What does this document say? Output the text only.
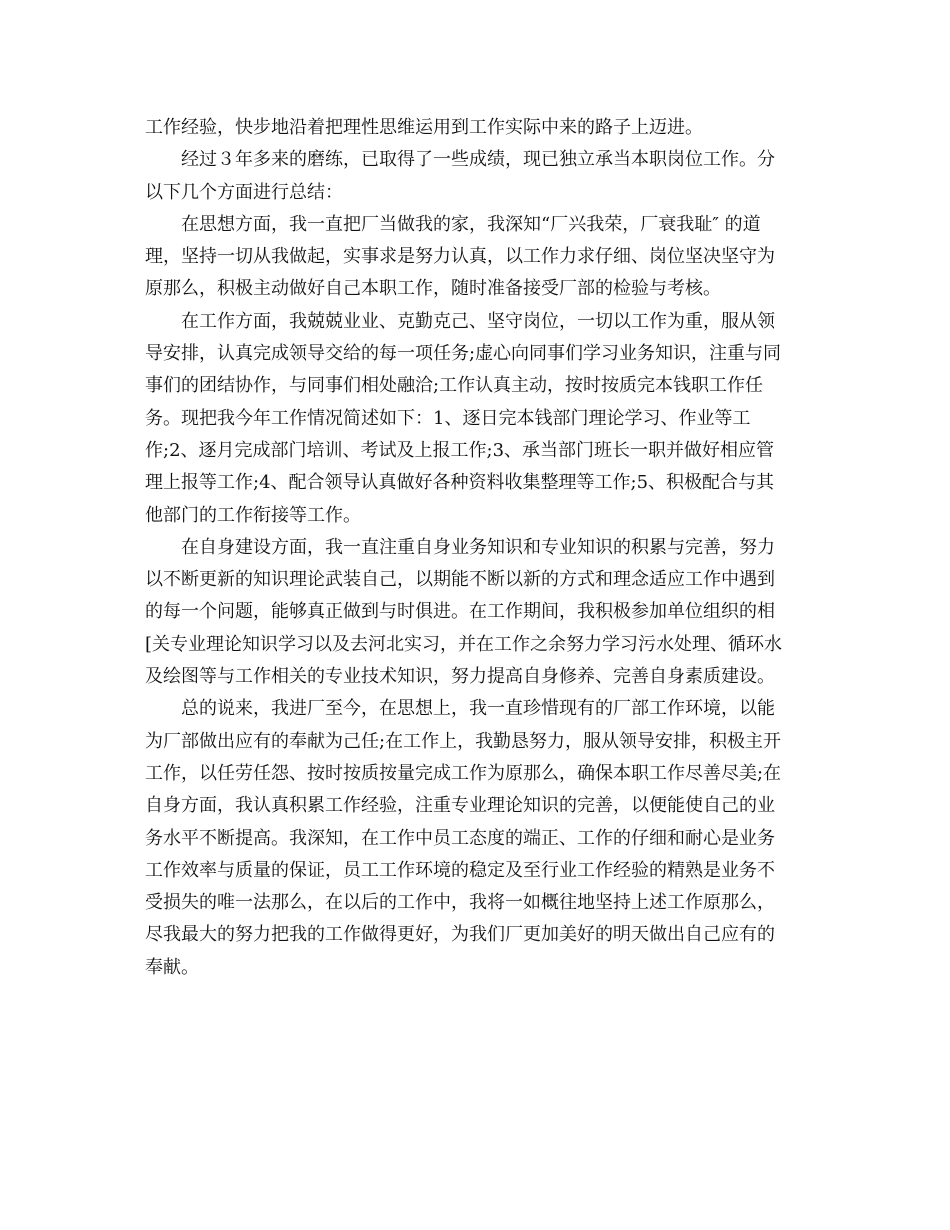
工作经验，快步地沿着把理性思维运用到工作实际中来的路子上迈进。
经过３年多来的磨练，已取得了一些成绩，现已独立承当本职岗位工作。分
以下几个方面进行总结：
在思想方面，我一直把厂当做我的家，我深知“厂兴我荣，厂衰我耻″ 的道
理，坚持一切从我做起，实事求是努力认真，以工作力求仔细、岗位坚决坚守为
原那么，积极主动做好自己本职工作，随时准备接受厂部的检验与考核。
在工作方面，我兢兢业业、克勤克己、坚守岗位，一切以工作为重，服从领
导安排，认真完成领导交给的每一项任务;虚心向同事们学习业务知识，注重与同
事们的团结协作，与同事们相处融洽;工作认真主动，按时按质完本钱职工作任
务。现把我今年工作情况简述如下：1、逐日完本钱部门理论学习、作业等工
作;2、逐月完成部门培训、考试及上报工作;3、承当部门班长一职并做好相应管
理上报等工作;4、配合领导认真做好各种资料收集整理等工作;5、积极配合与其
他部门的工作衔接等工作。
在自身建设方面，我一直注重自身业务知识和专业知识的积累与完善，努力
以不断更新的知识理论武装自己，以期能不断以新的方式和理念适应工作中遇到
的每一个问题，能够真正做到与时俱进。在工作期间，我积极参加单位组织的相
[关专业理论知识学习以及去河北实习，并在工作之余努力学习污水处理、循环水
及绘图等与工作相关的专业技术知识，努力提高自身修养、完善自身素质建设。
总的说来，我进厂至今，在思想上，我一直珍惜现有的厂部工作环境，以能
为厂部做出应有的奉献为己任;在工作上，我勤恳努力，服从领导安排，积极主开
工作，以任劳任怨、按时按质按量完成工作为原那么，确保本职工作尽善尽美;在
自身方面，我认真积累工作经验，注重专业理论知识的完善，以便能使自己的业
务水平不断提高。我深知，在工作中员工态度的端正、工作的仔细和耐心是业务
工作效率与质量的保证，员工工作环境的稳定及至行业工作经验的精熟是业务不
受损失的唯一法那么，在以后的工作中，我将一如概往地坚持上述工作原那么，
尽我最大的努力把我的工作做得更好，为我们厂更加美好的明天做出自己应有的
奉献。
